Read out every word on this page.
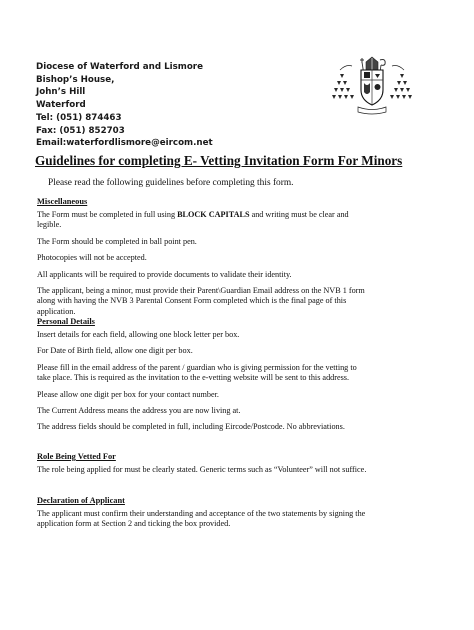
Diocese of Waterford and Lismore
Bishop’s House,
John’s Hill
Waterford
Tel: (051) 874463
Fax: (051) 852703
Email:waterfordlismore@eircom.net
Guidelines for completing E- Vetting Invitation Form For Minors
Please read the following guidelines before completing this form.
Miscellaneous

The Form must be completed in full using BLOCK CAPITALS and writing must be clear and legible.

The Form should be completed in ball point pen.

Photocopies will not be accepted.

All applicants will be required to provide documents to validate their identity.

The applicant, being a minor, must provide their Parent\Guardian Email address on the NVB 1 form along with having the NVB 3 Parental Consent Form completed which is the final page of this application.

Personal Details

Insert details for each field, allowing one block letter per box.

For Date of Birth field, allow one digit per box.

Please fill in the email address of the parent / guardian who is giving permission for the vetting to take place. This is required as the invitation to the e-vetting website will be sent to this address.

Please allow one digit per box for your contact number.

The Current Address means the address you are now living at.

The address fields should be completed in full, including Eircode/Postcode. No abbreviations.

Role Being Vetted For

The role being applied for must be clearly stated. Generic terms such as “Volunteer” will not suffice.

Declaration of Applicant

The applicant must confirm their understanding and acceptance of the two statements by signing the application form at Section 2 and ticking the box provided.
